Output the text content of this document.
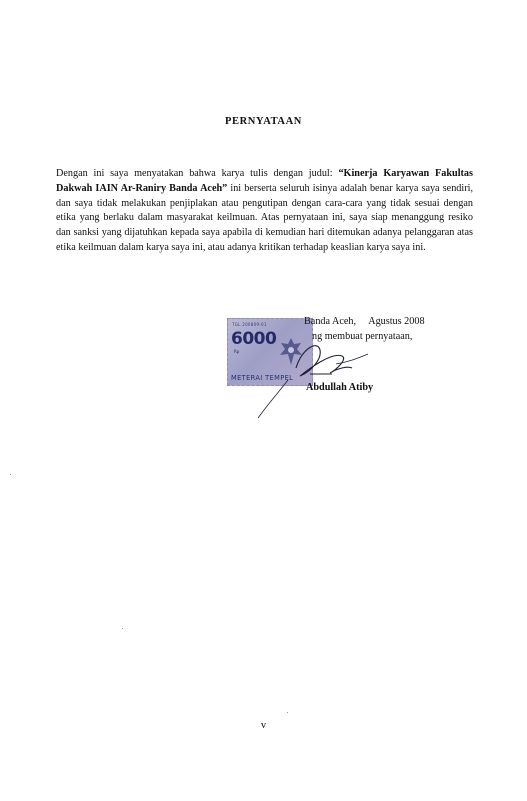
PERNYATAAN

Dengan ini saya menyatakan bahwa karya tulis dengan judul: “Kinerja Karyawan Fakultas Dakwah IAIN Ar-Raniry Banda Aceh” ini berserta seluruh isinya adalah benar karya saya sendiri, dan saya tidak melakukan penjiplakan atau pengutipan dengan cara-cara yang tidak sesuai dengan etika yang berlaku dalam masyarakat keilmuan. Atas pernyataan ini, saya siap menanggung resiko dan sanksi yang dijatuhkan kepada saya apabila di kemudian hari ditemukan adanya pelanggaran atas etika keilmuan dalam karya saya ini, atau adanya kritikan terhadap keaslian karya saya ini.

TGL 200809-01
6000
Rp
METERAI TEMPEL
Banda Aceh,     Agustus 2008
ng membuat pernyataan,
Abdullah Atiby
v
